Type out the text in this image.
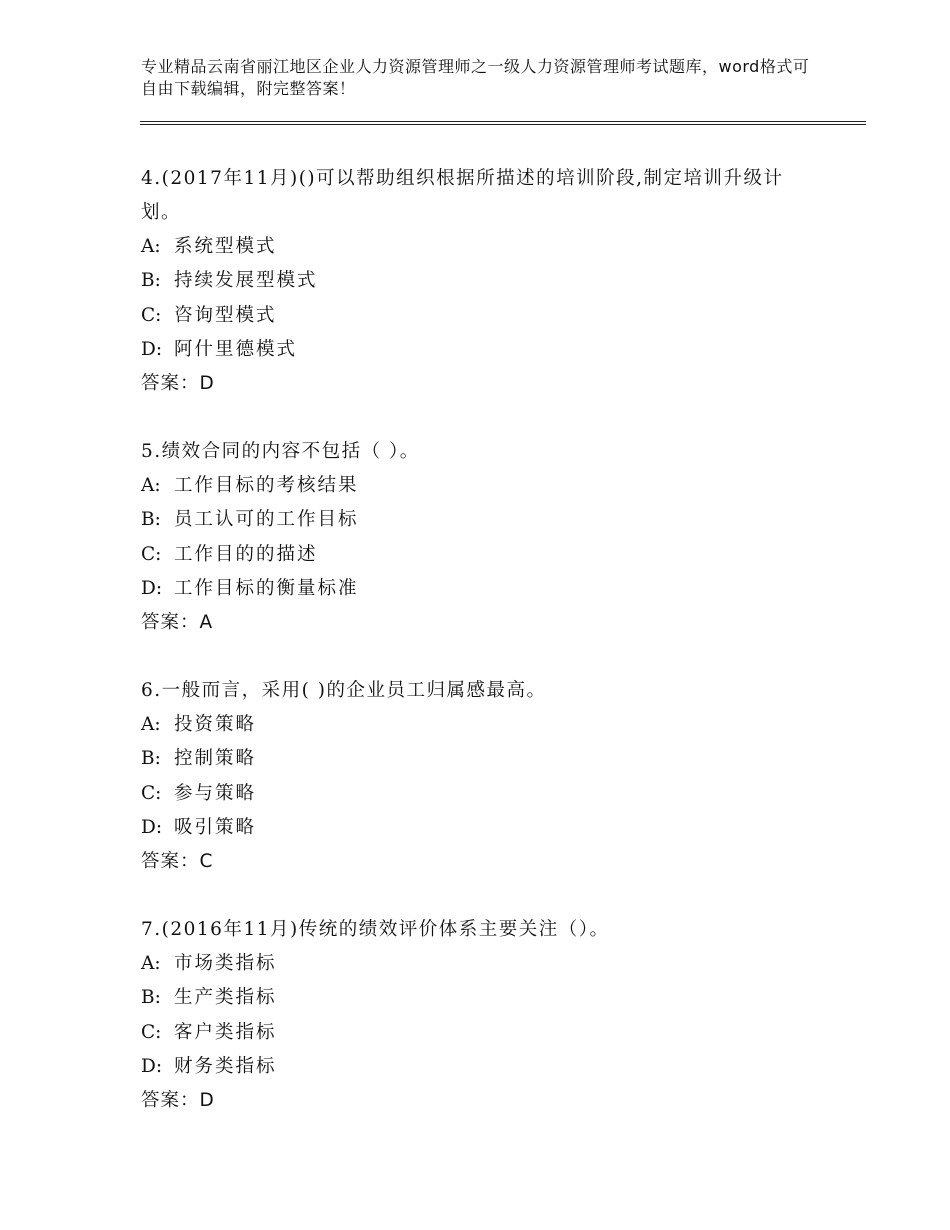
专业精品云南省丽江地区企业人力资源管理师之一级人力资源管理师考试题库，word格式可自由下载编辑，附完整答案！

4.(2017年11月)()可以帮助组织根据所描述的培训阶段,制定培训升级计划。

A: 系统型模式

B: 持续发展型模式

C: 咨询型模式

D: 阿什里德模式

答案：D

5.绩效合同的内容不包括（ ）。

A: 工作目标的考核结果

B: 员工认可的工作目标

C: 工作目的的描述

D: 工作目标的衡量标准

答案：A

6.一般而言，采用( )的企业员工归属感最高。

A: 投资策略

B: 控制策略

C: 参与策略

D: 吸引策略

答案：C

7.(2016年11月)传统的绩效评价体系主要关注（）。

A: 市场类指标

B: 生产类指标

C: 客户类指标

D: 财务类指标

答案：D
